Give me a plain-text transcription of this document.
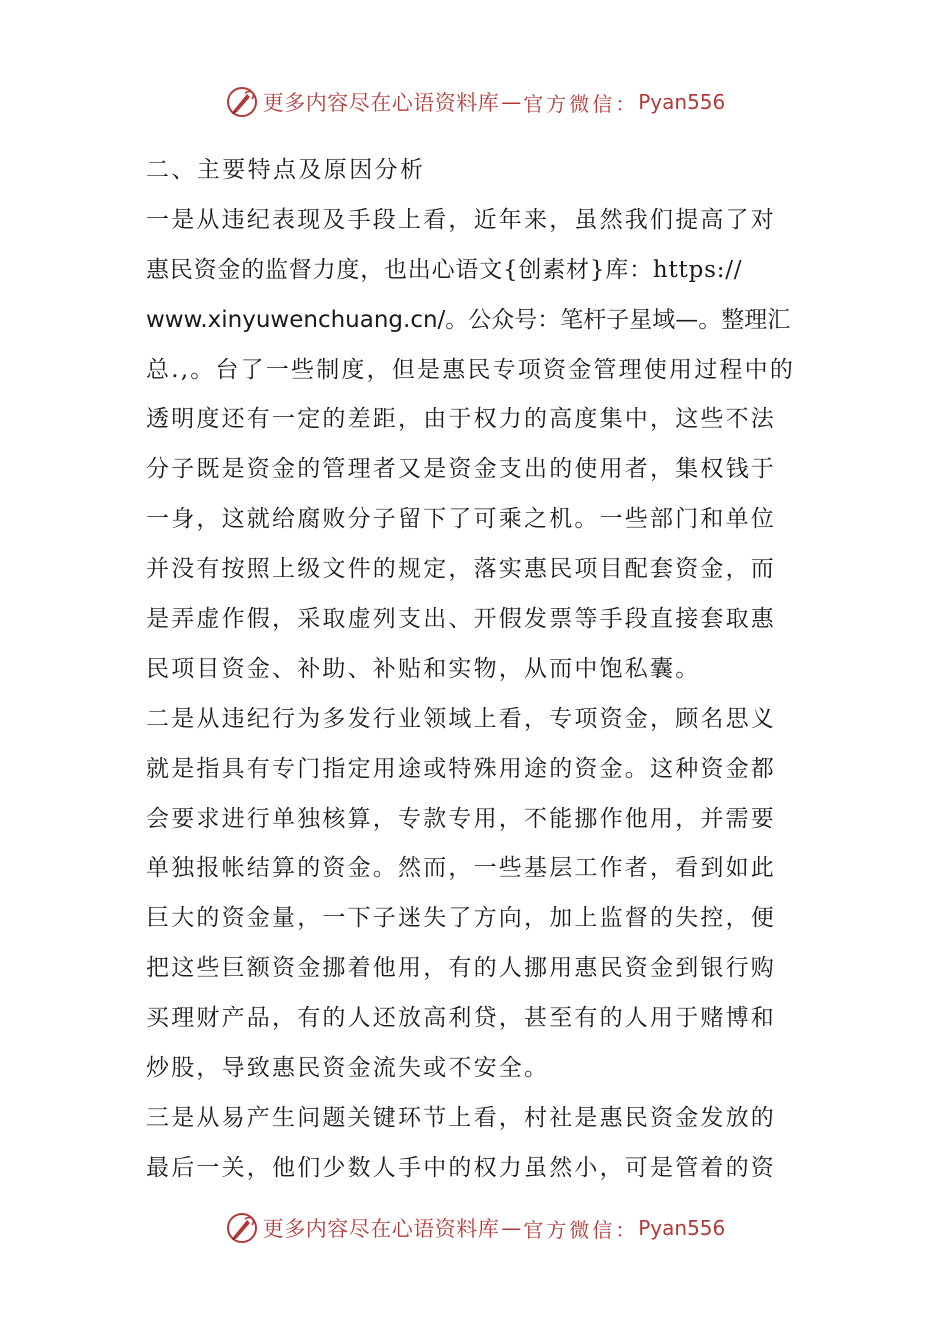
更多内容尽在心语资料库 — 官方微信： Pyan556
二、主要特点及原因分析
一是从违纪表现及手段上看，近年来，虽然我们提高了对
惠民资金的监督力度，也出心语文{创素材}库：https://
www.xinyuwenchuang.cn/。公众号：笔杆子星域—。整理汇
总.,。台了一些制度，但是惠民专项资金管理使用过程中的
透明度还有一定的差距，由于权力的高度集中，这些不法
分子既是资金的管理者又是资金支出的使用者，集权钱于
一身，这就给腐败分子留下了可乘之机。一些部门和单位
并没有按照上级文件的规定，落实惠民项目配套资金，而
是弄虚作假，采取虚列支出、开假发票等手段直接套取惠
民项目资金、补助、补贴和实物，从而中饱私囊。
二是从违纪行为多发行业领域上看，专项资金，顾名思义
就是指具有专门指定用途或特殊用途的资金。这种资金都
会要求进行单独核算，专款专用，不能挪作他用，并需要
单独报帐结算的资金。然而，一些基层工作者，看到如此
巨大的资金量，一下子迷失了方向，加上监督的失控，便
把这些巨额资金挪着他用，有的人挪用惠民资金到银行购
买理财产品，有的人还放高利贷，甚至有的人用于赌博和
炒股，导致惠民资金流失或不安全。
三是从易产生问题关键环节上看，村社是惠民资金发放的
最后一关，他们少数人手中的权力虽然小，可是管着的资
更多内容尽在心语资料库 — 官方微信： Pyan556
